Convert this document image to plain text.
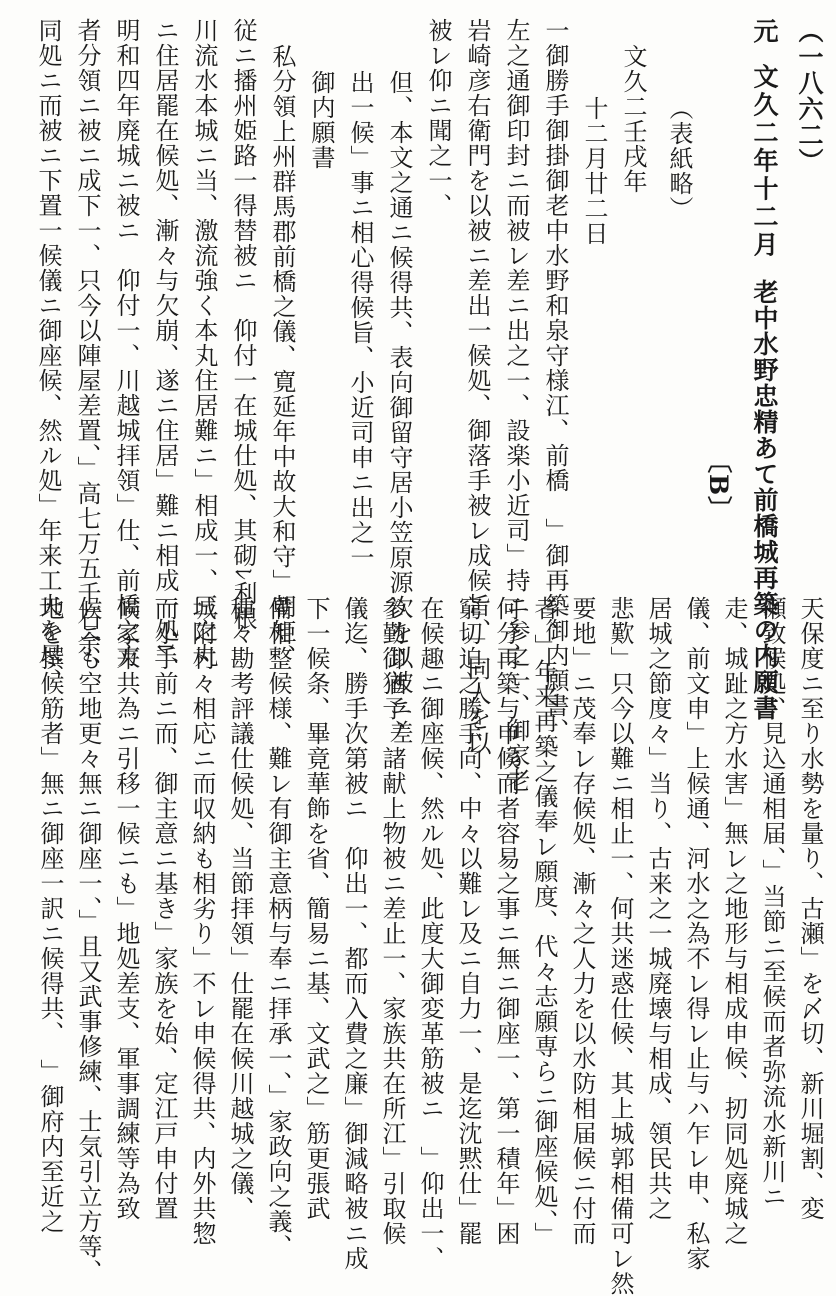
（一八六二）
元  文久二年十二月  老中水野忠精あて前橋城再築の内願書
〔B〕
（表紙略）
文久二壬戌年
十二月廿二日
一御勝手御掛御老中水野和泉守様江、前橋　」御再築御内願書、
左之通御印封ニ而被レ差ニ出之一、設楽小近司」持ニ参之一、御家老
岩崎彦右衛門を以被ニ差出一候処、御落手被レ成候旨、」同人を以
被レ仰ニ聞之一、
但、本文之通ニ候得共、表向御留守居小笠原源次を以被ニ差
出一候」事ニ相心得候旨、小近司申ニ出之一
御内願書
私分領上州群馬郡前橋之儀、寛延年中故大和守」朝矩、
従ニ播州姫路一得替被ニ　仰付一在城仕処、其砌ﾚ利根
川流水本城ニ当、激流強く本丸住居難ニ」相成一、三之丸
ニ住居罷在候処、漸々与欠崩、遂ニ住居」難ニ相成一処ﾚ、
明和四年廃城ニ被ニ　仰付一、川越城拝領」仕、前橋之方
者分領ニ被ニ成下一、只今以陣屋差置、」高七万五千石余、
同処ニ而被ニ下置一候儀ニ御座候、然ル処」年来工夫を尽、
天保度ニ至り水勢を量り、古瀬」を〆切、新川堀割、変
瀬致候処、見込通相届、」当節ニ至候而者弥流水新川ニ
走、城趾之方水害」無レ之地形与相成申候、扨同処廃城之
儀、前文申」上候通、河水之為不レ得レ止与ハ乍レ申、私家
居城之節度々」当り、古来之一城廃壊与相成、領民共之
悲歎」只今以難ニ相止一、何共迷惑仕候、其上城郭相備可レ然
要地」ニ茂奉レ存候処、漸々之人力を以水防相届候ニ付而
者、」年来再築之儀奉レ願度、代々志願専らニ御座候処、」
何分再築与申候而者容易之事ニ無ニ御座一、第一積年」困
窮切迫之勝手向、中々以難レ及ニ自力一、是迄沈黙仕」罷
在候趣ニ御座候、然ル処、此度大御変革筋被ニ　」仰出一、
参勤御猶予、諸献上物被ニ差止一、家族共在所江」引取候
儀迄、勝手次第被ニ　仰出一、都而入費之廉」御減略被ニ成
下一候条、畢竟華飾を省、簡易ニ基、文武之」筋更張武
備相整候様、難レ有御主意柄与奉ニ拝承一、」家政向之義、
種々勘考評議仕候処、当節拝領」仕罷在候川越城之儀、
城附村々相応ニ而収納も相劣り」不レ申候得共、内外共惣
而小手前ニ而、御主意ニ基き」家族を始、定江戸申付置
候家来共為ニ引移一候ニも」地処差支、軍事調練等為致
候ニも空地更々無ニ御座一、」且又武事修練、士気引立方等、
地を撰候筋者」無ニ御座一訳ニ候得共、　」御府内至近之
